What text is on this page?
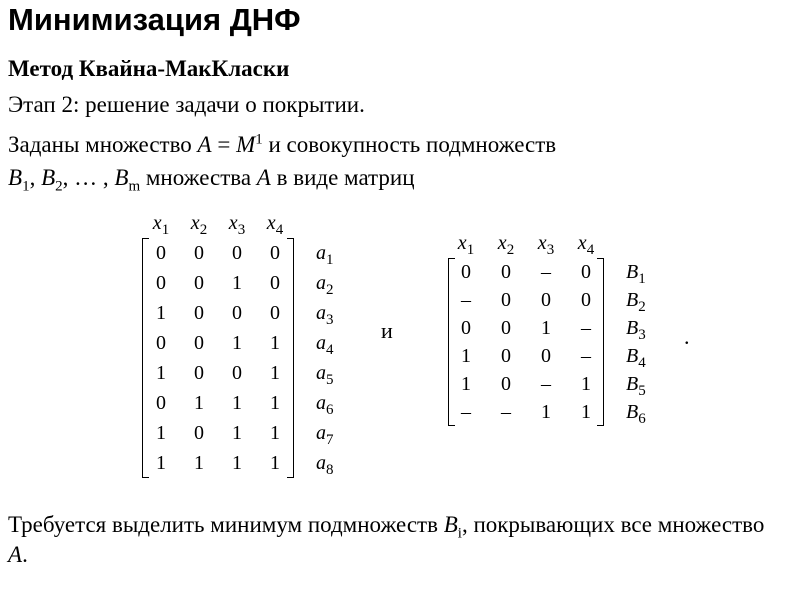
Минимизация ДНФ
Метод Квайна-МакКласки
Этап 2: решение задачи о покрытии.
Заданы множество $A = M^1$ и совокупность подмножеств
$B_1$, $B_2$, … , $B_m$ множества A в виде матриц
$x_1$	$x_2$	$x_3$	$x_4$
0	0	0	0	$a_1$
0	0	1	0	$a_2$
1	0	0	0	$a_3$
0	0	1	1	$a_4$
1	0	0	1	$a_5$
0	1	1	1	$a_6$
1	0	1	1	$a_7$
1	1	1	1	$a_8$
и
$x_1$	$x_2$	$x_3$	$x_4$
0	0	–	0	$B_1$
–	0	0	0	$B_2$
0	0	1	–	$B_3$
1	0	0	–	$B_4$
1	0	–	1	$B_5$
–	–	1	1	$B_6$
.
Требуется выделить минимум подмножеств $B_i$, покрывающих все множество A.
